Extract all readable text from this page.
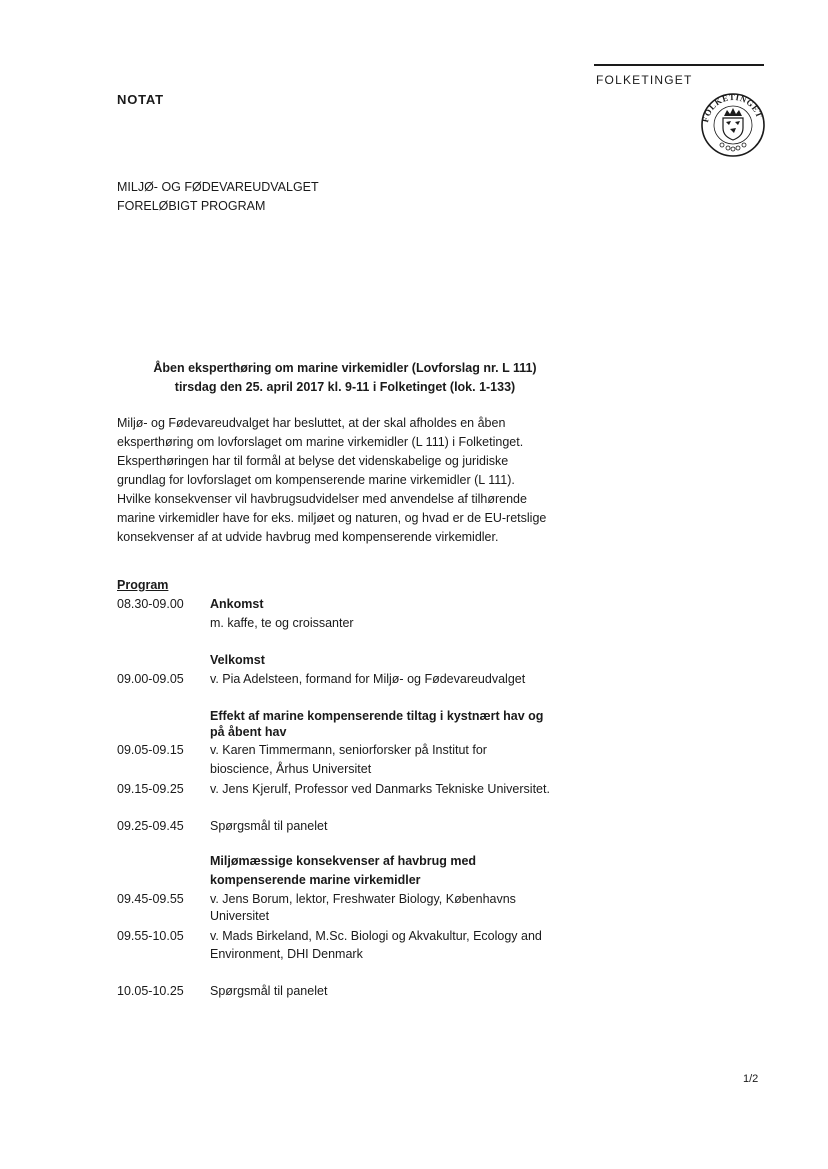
FOLKETINGET
FOLKETINGET
NOTAT
MILJØ- OG FØDEVAREUDVALGET
FORELØBIGT PROGRAM
Åben eksperthøring om marine virkemidler (Lovforslag nr. L 111)
tirsdag den 25. april 2017 kl. 9-11 i Folketinget (lok. 1-133)
Miljø- og Fødevareudvalget har besluttet, at der skal afholdes en åben
eksperthøring om lovforslaget om marine virkemidler (L 111) i Folketinget.
Eksperthøringen har til formål at belyse det videnskabelige og juridiske
grundlag for lovforslaget om kompenserende marine virkemidler (L 111).
Hvilke konsekvenser vil havbrugsudvidelser med anvendelse af tilhørende
marine virkemidler have for eks. miljøet og naturen, og hvad er de EU-retslige
konsekvenser af at udvide havbrug med kompenserende virkemidler.
Program
08.30-09.00 Ankomst
m. kaffe, te og croissanter
Velkomst
09.00-09.05 v. Pia Adelsteen, formand for Miljø- og Fødevareudvalget
Effekt af marine kompenserende tiltag i kystnært hav og
på åbent hav
09.05-09.15 v. Karen Timmermann, seniorforsker på Institut for
bioscience, Århus Universitet
09.15-09.25 v. Jens Kjerulf, Professor ved Danmarks Tekniske Universitet.
09.25-09.45 Spørgsmål til panelet
Miljømæssige konsekvenser af havbrug med
kompenserende marine virkemidler
09.45-09.55 v. Jens Borum, lektor, Freshwater Biology, Københavns
Universitet
09.55-10.05 v. Mads Birkeland, M.Sc. Biologi og Akvakultur, Ecology and
Environment, DHI Denmark
10.05-10.25 Spørgsmål til panelet
1/2
